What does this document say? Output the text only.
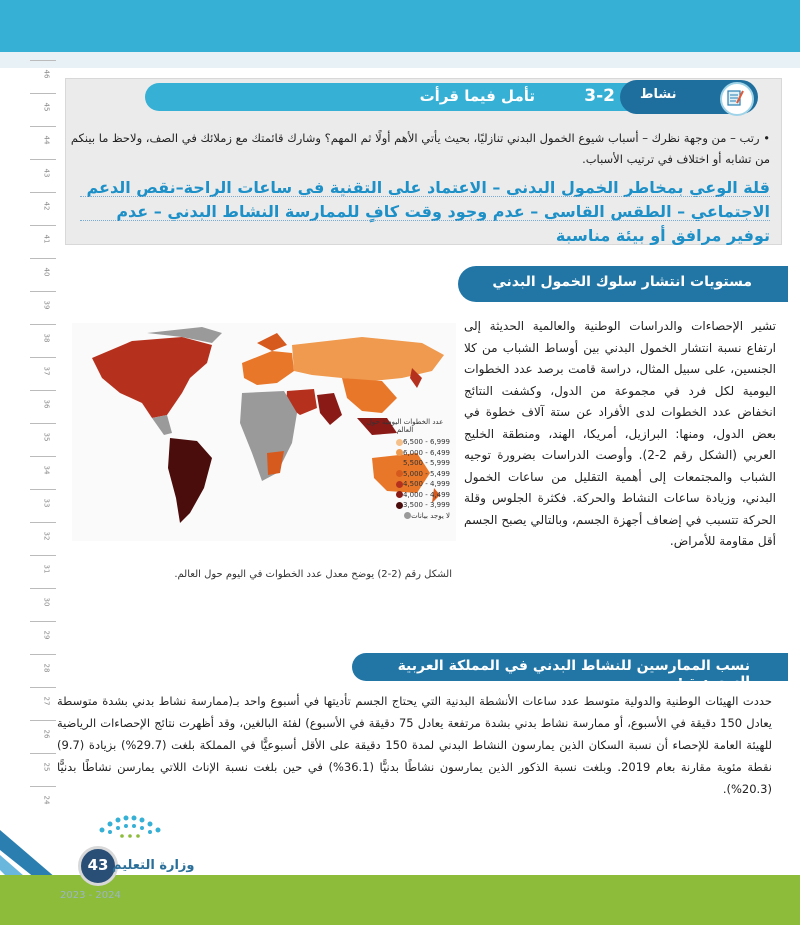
46
45
44
43
42
41
40
39
38
37
36
35
34
33
32
31
30
29
28
27
26
25
24
تأمل فيما قرأت	3-2 نشاط
• رتب – من وجهة نظرك – أسباب شيوع الخمول البدني تنازليًا، بحيث يأتي الأهم أولًا ثم المهم؟ وشارك قائمتك مع زملائك في الصف، ولاحظ ما بينكم من تشابه أو اختلاف في ترتيب الأسباب.
قلة الوعي بمخاطر الخمول البدني – الاعتماد على التقنية في ساعات الراحة–نقص الدعم الاجتماعي – الطقس القاسي – عدم وجود وقت كافٍ للممارسة النشاط البدني – عدم توفير مرافق أو بيئة مناسبة
مستويات انتشار سلوك الخمول البدني
تشير الإحصاءات والدراسات الوطنية والعالمية الحديثة إلى ارتفاع نسبة انتشار الخمول البدني بين أوساط الشباب من كلا الجنسين، على سبيل المثال، دراسة قامت برصد عدد الخطوات اليومية لكل فرد في مجموعة من الدول، وكشفت النتائج انخفاض عدد الخطوات لدى الأفراد عن ستة آلاف خطوة في بعض الدول، ومنها: البرازيل، أمريكا، الهند، ومنطقة الخليج العربي (الشكل رقم 2-2). وأوصت الدراسات بضرورة توجيه الشباب والمجتمعات إلى أهمية التقليل من ساعات الخمول البدني، وزيادة ساعات النشاط والحركة. فكثرة الجلوس وقلة الحركة تتسبب في إضعاف أجهزة الجسم، وبالتالي يصبح الجسم أقل مقاومة للأمراض.
عدد الخطوات اليومية حول العالم
6,500 - 6,999
6,000 - 6,499
5,500 - 5,999
5,000 - 5,499
4,500 - 4,999
4,000 - 4,499
3,500 - 3,999
لا يوجد بيانات
الشكل رقم (2-2) يوضح معدل عدد الخطوات في اليوم حول العالم.
نسب الممارسين للنشاط البدني في المملكة العربية السعودية :
حددت الهيئات الوطنية والدولية متوسط عدد ساعات الأنشطة البدنية التي يحتاج الجسم تأديتها في أسبوع واحد بـ(ممارسة نشاط بدني بشدة متوسطة يعادل 150 دقيقة في الأسبوع، أو ممارسة نشاط بدني بشدة مرتفعة يعادل 75 دقيقة في الأسبوع) لفئة البالغين، وقد أظهرت نتائج الإحصاءات الرياضية للهيئة العامة للإحصاء أن نسبة السكان الذين يمارسون النشاط البدني لمدة 150 دقيقة على الأقل أسبوعيًّا في المملكة بلغت (29.7%) بزيادة (9.7) نقطة مئوية مقارنة بعام 2019. وبلغت نسبة الذكور الذين يمارسون نشاطًا بدنيًّا (36.1%) في حين بلغت نسبة الإناث اللاتي يمارسن نشاطًا بدنيًّا (20.3%).
43 وزارة التعليم
2023 - 2024
